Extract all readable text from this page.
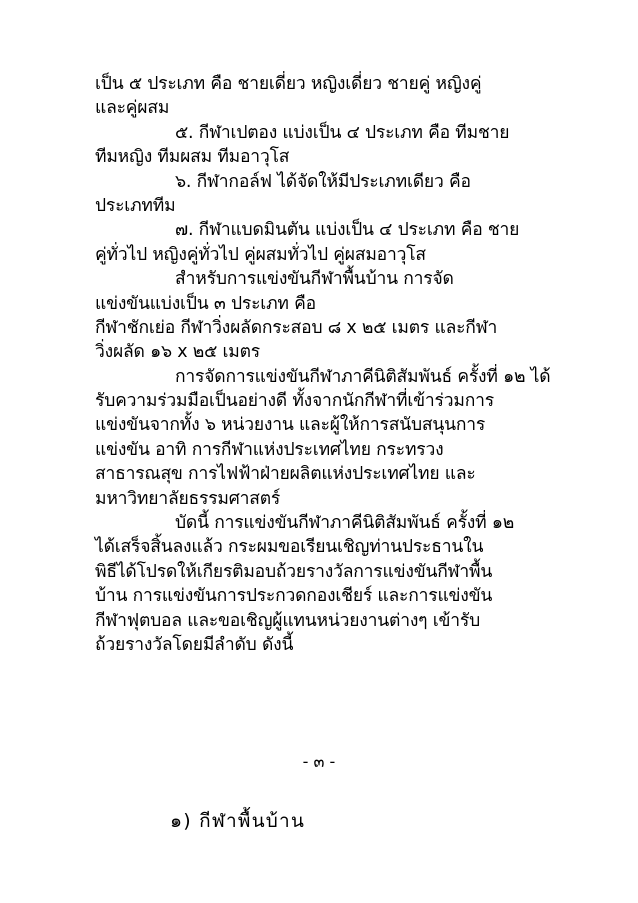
เป็น ๕ ประเภท คือ ชายเดี่ยว หญิงเดี่ยว ชายคู่ หญิงคู่
และคู่ผสม
๕. กีฬาเปตอง แบ่งเป็น ๔ ประเภท คือ ทีมชาย
ทีมหญิง ทีมผสม ทีมอาวุโส
๖. กีฬากอล์ฟ ได้จัดให้มีประเภทเดียว คือ
ประเภททีม
๗. กีฬาแบดมินตัน แบ่งเป็น ๔ ประเภท คือ ชาย
คู่ทั่วไป หญิงคู่ทั่วไป คู่ผสมทั่วไป คู่ผสมอาวุโส
สำหรับการแข่งขันกีฬาพื้นบ้าน การจัด
แข่งขันแบ่งเป็น ๓ ประเภท คือ
กีฬาชักเย่อ กีฬาวิ่งผลัดกระสอบ ๘ x ๒๕ เมตร และกีฬา
วิ่งผลัด ๑๖ x ๒๕ เมตร
การจัดการแข่งขันกีฬาภาคีนิติสัมพันธ์ ครั้งที่ ๑๒ ได้
รับความร่วมมือเป็นอย่างดี ทั้งจากนักกีฬาที่เข้าร่วมการ
แข่งขันจากทั้ง ๖ หน่วยงาน และผู้ให้การสนับสนุนการ
แข่งขัน อาทิ การกีฬาแห่งประเทศไทย กระทรวง
สาธารณสุข การไฟฟ้าฝ่ายผลิตแห่งประเทศไทย และ
มหาวิทยาลัยธรรมศาสตร์
บัดนี้ การแข่งขันกีฬาภาคีนิติสัมพันธ์ ครั้งที่ ๑๒
ได้เสร็จสิ้นลงแล้ว กระผมขอเรียนเชิญท่านประธานใน
พิธีได้โปรดให้เกียรติมอบถ้วยรางวัลการแข่งขันกีฬาพื้น
บ้าน การแข่งขันการประกวดกองเชียร์ และการแข่งขัน
กีฬาฟุตบอล และขอเชิญผู้แทนหน่วยงานต่างๆ เข้ารับ
ถ้วยรางวัลโดยมีลำดับ ดังนี้
- ๓ -
๑) กีฬาพื้นบ้าน
